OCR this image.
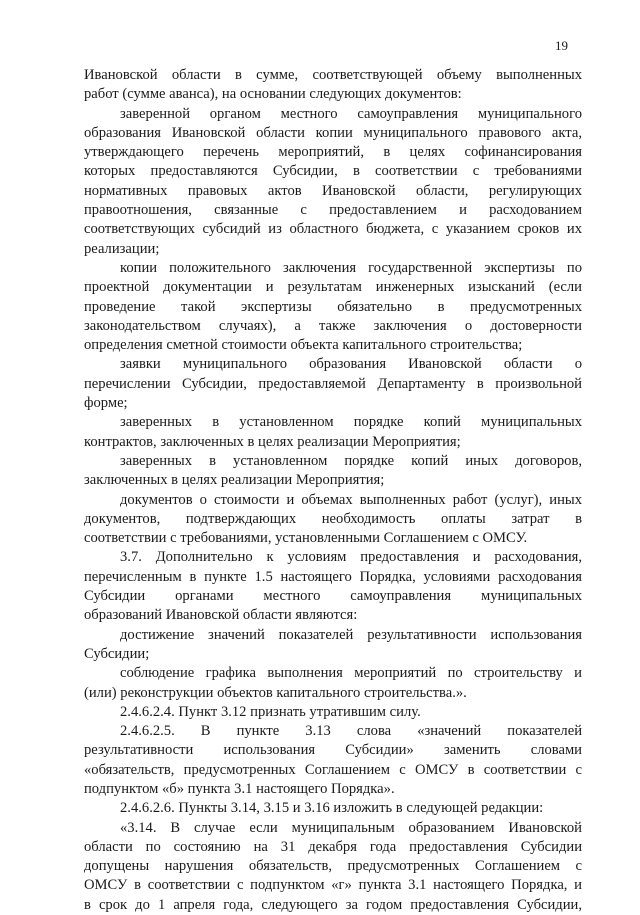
19

Ивановской области в сумме, соответствующей объему выполненных

работ (сумме аванса), на основании следующих документов:

заверенной органом местного самоуправления муниципального

образования Ивановской области копии муниципального правового акта,

утверждающего перечень мероприятий, в целях софинансирования

которых предоставляются Субсидии, в соответствии с требованиями

нормативных правовых актов Ивановской области, регулирующих

правоотношения, связанные с предоставлением и расходованием

соответствующих субсидий из областного бюджета, с указанием сроков их

реализации;

копии положительного заключения государственной экспертизы по

проектной документации и результатам инженерных изысканий (если

проведение такой экспертизы обязательно в предусмотренных

законодательством случаях), а также заключения о достоверности

определения сметной стоимости объекта капитального строительства;

заявки муниципального образования Ивановской области о

перечислении Субсидии, предоставляемой Департаменту в произвольной

форме;

заверенных в установленном порядке копий муниципальных

контрактов, заключенных в целях реализации Мероприятия;

заверенных в установленном порядке копий иных договоров,

заключенных в целях реализации Мероприятия;

документов о стоимости и объемах выполненных работ (услуг), иных

документов, подтверждающих необходимость оплаты затрат в

соответствии с требованиями, установленными Соглашением с ОМСУ.

3.7. Дополнительно к условиям предоставления и расходования,

перечисленным в пункте 1.5 настоящего Порядка, условиями расходования

Субсидии органами местного самоуправления муниципальных

образований Ивановской области являются:

достижение значений показателей результативности использования

Субсидии;

соблюдение графика выполнения мероприятий по строительству и

(или) реконструкции объектов капитального строительства.».

2.4.6.2.4. Пункт 3.12 признать утратившим силу.

2.4.6.2.5. В пункте 3.13 слова «значений показателей

результативности использования Субсидии» заменить словами

«обязательств, предусмотренных Соглашением с ОМСУ в соответствии с

подпунктом «б» пункта 3.1 настоящего Порядка».

2.4.6.2.6. Пункты 3.14, 3.15 и 3.16 изложить в следующей редакции:

«3.14. В случае если муниципальным образованием Ивановской

области по состоянию на 31 декабря года предоставления Субсидии

допущены нарушения обязательств, предусмотренных Соглашением с

ОМСУ в соответствии с подпунктом «г» пункта 3.1 настоящего Порядка, и

в срок до 1 апреля года, следующего за годом предоставления Субсидии,
